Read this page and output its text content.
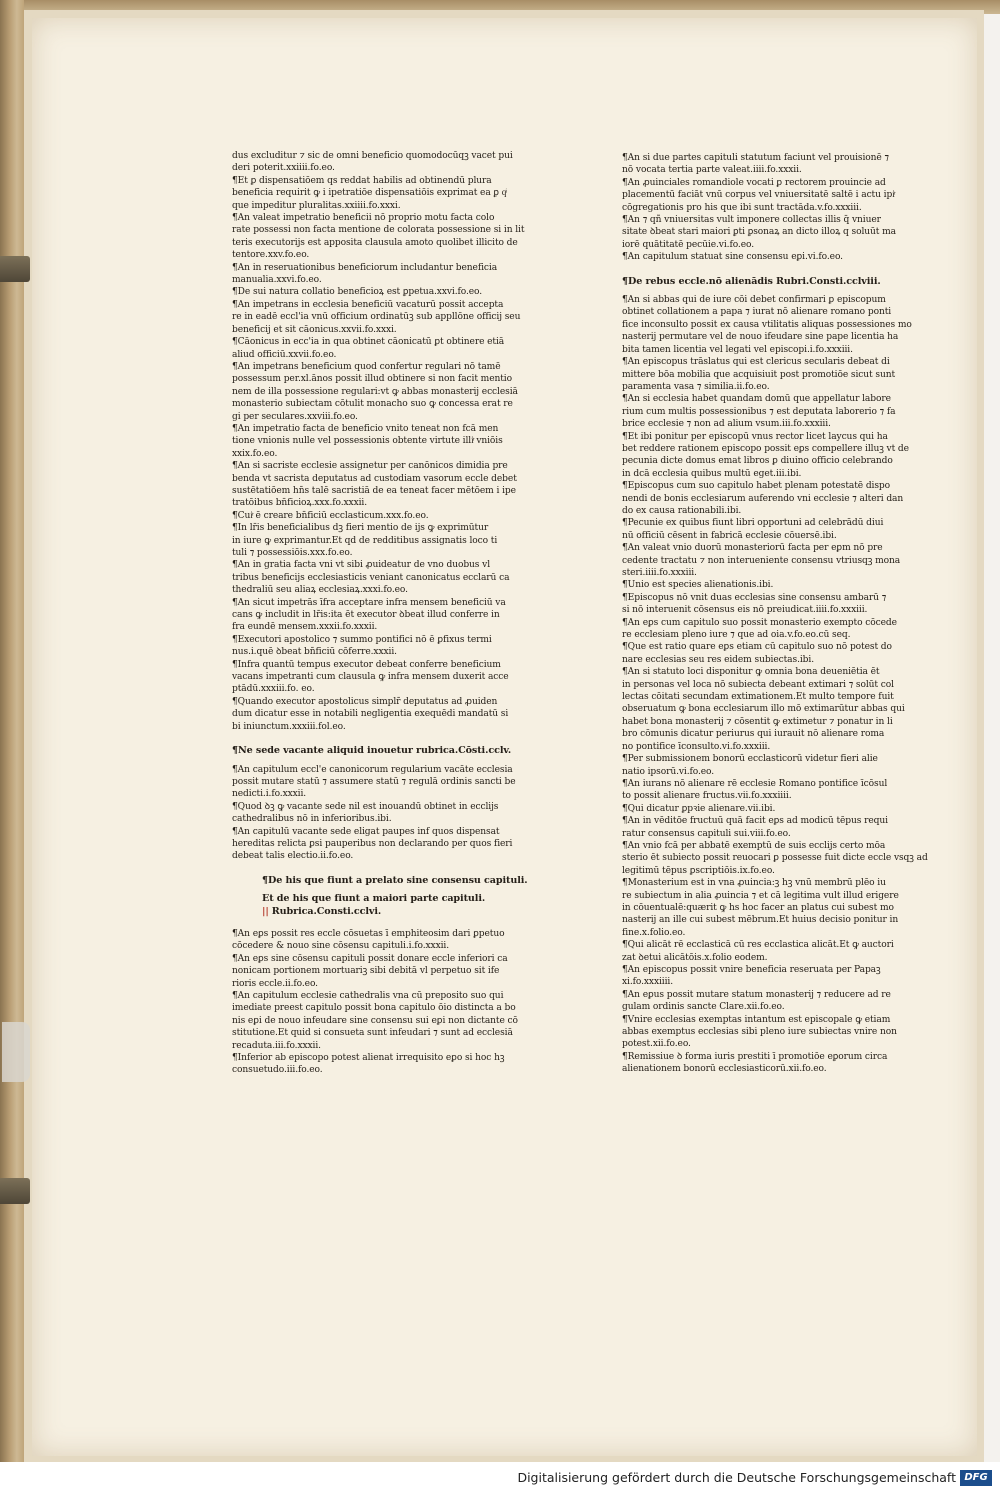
dus excluditur ⁊ sic de omni beneficio quomodocūqꝫ vacet pui
deri poterit.xxiiii.fo.eo.
¶Et ꝑ dispensatiōem qs reddat habilis ad obtinendū plura
beneficia requirit ꝙ i ipetratiōe dispensatiōis exprimat ea ꝑ qͥ
que impeditur pluralitas.xxiiii.fo.xxxi.
¶An valeat impetratio beneficii nō proprio motu facta colo
rate possessi non facta mentione de colorata possessione si in lit
teris executorijs est apposita clausula amoto quolibet illicito de
tentore.xxv.fo.eo.
¶An in reseruationibus beneficiorum includantur beneficia
manualia.xxvi.fo.eo.
¶De sui natura collatio beneficioꝝ est ꝑpetua.xxvi.fo.eo.
¶An impetrans in ecclesia beneficiū vacaturū possit accepta
re in eadē eccl'ia vnū officium ordinatūꝫ sub appllōne officij seu
beneficij et sit cāonicus.xxvii.fo.xxxi.
¶Cāonicus in ecc'ia in qua obtinet cāonicatū ꝑt obtinere etiā
aliud officiū.xxvii.fo.eo.
¶An impetrans beneficium quod confertur regulari nō tamē
possessum per.xl.ānos possit illud obtinere si non facit mentio
nem de illa possessione regulari:vt ꝙ abbas monasterij ecclesiā
monasterio subiectam cōtulit monacho suo ꝙ concessa erat re
gi per seculares.xxviii.fo.eo.
¶An impetratio facta de beneficio vnito teneat non fcā men
tione vnionis nulle vel possessionis obtente virtute illiͬ vniōis
xxix.fo.eo.
¶An si sacriste ecclesie assignetur per canōnicos dimidia pre
benda vt sacrista deputatus ad custodiam vasorum eccle debet
sustētatiōem hn̄s talē sacristiā de ea teneat facer mētōem i ipe
tratōibus bn̄ficioꝝ.xxx.fo.xxxii.
¶Cuiͬ ē creare bn̄ficiū ecclasticum.xxx.fo.eo.
¶In lr̄is beneficialibus dꝫ fieri mentio de ijs ꝙ exprimūtur
in iure ꝙ exprimantur.Et qd de redditibus assignatis loco ti
tuli ⁊ possessiōis.xxx.fo.eo.
¶An in gratia facta vni vt sibi ꝓuideatur de vno duobus vl
tribus beneficijs ecclesiasticis veniant canonicatus ecclarū ca
thedraliū seu aliaꝝ ecclesiaꝝ.xxxi.fo.eo.
¶An sicut impetrās īfra acceptare infra mensem beneficiū va
cans ꝙ includit in lr̄is:ita ēt executor ꝺbeat illud conferre in
fra eundē mensem.xxxii.fo.xxxii.
¶Executori apostolico ⁊ summo pontifici nō ē ꝑfixus termi
nus.i.quē ꝺbeat bn̄ficiū cōferre.xxxii.
¶Infra quantū tempus executor debeat conferre beneficium
vacans impetranti cum clausula ꝙ infra mensem duxerit acce
ptādū.xxxiii.fo. eo.
¶Quando executor apostolicus simplr̄ deputatus ad ꝓuiden
dum dicatur esse in notabili negligentia exequēdi mandatū si
bi iniunctum.xxxiii.fol.eo.
¶Ne sede vacante aliquid inouetur rubrica.Cōsti.cclv.
¶An capitulum eccl'e canonicorum regularium vacāte ecclesia
possit mutare statū ⁊ assumere statū ⁊ regulā ordinis sancti be
nedicti.i.fo.xxxii.
¶Quod ꝺꝫ ꝙ vacante sede nil est inouandū obtinet in ecclijs
cathedralibus nō in inferioribus.ibi.
¶An capitulū vacante sede eligat paupes inf quos dispensat
hereditas relicta ꝑsi pauperibus non declarando per quos fieri
debeat talis electio.ii.fo.eo.
¶De his que fiunt a prelato sine consensu capituli.
Et de his que fiunt a maiori parte capituli.
|| Rubrica.Consti.cclvi.
¶An eꝑs possit res eccle cōsuetas ī emphiteosim dari ꝑpetuo
cōcedere & nouo sine cōsensu capituli.i.fo.xxxii.
¶An eꝑs sine cōsensu capituli possit donare eccle inferiori ca
nonicam portionem mortuariꝫ sibi debitā vl perpetuo sit ife
rioris eccle.ii.fo.eo.
¶An capitulum ecclesie cathedralis vna cū preposito suo qui
imediate preest capitulo possit bona capitulo ōio distincta a bo
nis eꝑi de nouo infeudare sine consensu sui eꝑi non dictante cō
stitutione.Et quid si consueta sunt infeudari ⁊ sunt ad ecclesiā
recaduta.iii.fo.xxxii.
¶Inferior ab episcopo potest alienat irrequisito eꝑo si hoc hꝫ
consuetudo.iii.fo.eo.
¶An si due partes capituli statutum faciunt vel prouisionē ⁊
nō vocata tertia parte valeat.iiii.fo.xxxii.
¶An ꝓuinciales romandiole vocati ꝑ rectorem prouincie ad
placementū faciāt vnū corpus vel vniuersitatē saltē i actu ipiͬ
cōgregationis pro his que ibi sunt tractāda.v.fo.xxxiii.
¶An ⁊ qñ vniuersitas vult imponere collectas illis q̄ vniuer
sitate ꝺbeat stari maiori ꝑti ꝑsonaꝝ an dicto illoꝝ q soluūt ma
iorē quātitatē pecūie.vi.fo.eo.
¶An capitulum statuat sine consensu eꝑi.vi.fo.eo.
¶De rebus eccle.nō alienādis Rubri.Consti.cclviii.
¶An si abbas qui de iure cōi debet confirmari ꝑ episcopum
obtinet collationem a papa ⁊ iurat nō alienare romano ponti
fice inconsulto possit ex causa vtilitatis aliquas possessiones mo
nasterij permutare vel de nouo ifeudare sine pape licentia ha
bita tamen licentia vel legati vel episcopi.i.fo.xxxiii.
¶An episcopus trāslatus qui est clericus secularis debeat di
mittere bōa mobilia que acquisiuit post promotiōe sicut sunt
paramenta vasa ⁊ similia.ii.fo.eo.
¶An si ecclesia habet quandam domū que appellatur labore
rium cum multis possessionibus ⁊ est deputata laborerio ⁊ fa
brice ecclesie ⁊ non ad alium vsum.iii.fo.xxxiii.
¶Et ibi ponitur per episcopū vnus rector licet laycus qui ha
bet reddere rationem episcopo possit eꝑs compellere illuꝫ vt de
pecunia dicte domus emat libros ꝑ diuino officio celebrando
in dcā ecclesia quibus multū eget.iii.ibi.
¶Episcopus cum suo capitulo habet plenam potestatē dispo
nendi de bonis ecclesiarum auferendo vni ecclesie ⁊ alteri dan
do ex causa rationabili.ibi.
¶Pecunie ex quibus fiunt libri opportuni ad celebrādū diui
nū officiū cēsent in fabricā ecclesie cōuersē.ibi.
¶An valeat vnio duorū monasteriorū facta per eꝑm nō pre
cedente tractatu ⁊ non interueniente consensu vtriusqꝫ mona
steri.iiii.fo.xxxiii.
¶Unio est species alienationis.ibi.
¶Episcopus nō vnit duas ecclesias sine consensu ambarū ⁊
si nō interuenit cōsensus eis nō preiudicat.iiii.fo.xxxiii.
¶An eꝑs cum capitulo suo possit monasterio exempto cōcede
re ecclesiam pleno iure ⁊ que ad oia.v.fo.eo.cū seq.
¶Que est ratio quare eꝑs etiam cū capitulo suo nō potest do
nare ecclesias seu res eidem subiectas.ibi.
¶An si statuto loci disponitur ꝙ omnia bona deueniētia ēt
in personas vel loca nō subiecta debeant extimari ⁊ solūt col
lectas cōitati secundam extimationem.Et multo tempore fuit
obseruatum ꝙ bona ecclesiarum illo mō extimarūtur abbas qui
habet bona monasterij ⁊ cōsentit ꝙ extimetur ⁊ ponatur in li
bro cōmunis dicatur periurus qui iurauit nō alienare roma
no pontifice īconsulto.vi.fo.xxxiii.
¶Per submissionem bonorū ecclasticorū videtur fieri alie
natio ipsorū.vi.fo.eo.
¶An iurans nō alienare rē ecclesie Romano pontifice īcōsul
to possit alienare fructus.vii.fo.xxxiiii.
¶Qui dicatur ꝑpꝛie alienare.vii.ibi.
¶An in vēditōe fructuū quā facit eꝑs ad modicū tēpus requi
ratur consensus capituli sui.viii.fo.eo.
¶An vnio fcā per abbatē exemptū de suis ecclijs certo mōa
sterio ēt subiecto possit reuocari ꝑ possesse fuit dicte eccle vsqꝫ ad
legitimū tēpus ꝑscriptiōis.ix.fo.eo.
¶Monasterium est in vna ꝓuincia:ꝫ hꝫ vnū membrū plēo iu
re subiectum in alia ꝓuincia ⁊ et cā legitima vult illud erigere
in cōuentualē:quærit ꝙ hs hoc facer an platus cui subest mo
nasterij an ille cui subest mēbrum.Et huius decisio ponitur in
fine.x.folio.eo.
¶Qui alicāt rē ecclasticā cū res ecclastica alicāt.Et ꝙ auctori
zat ꝺetui alicātōis.x.folio eodem.
¶An episcopus possit vnire beneficia reseruata per Papaꝫ
xi.fo.xxxiiii.
¶An eꝑus possit mutare statum monasterij ⁊ reducere ad re
gulam ordinis sancte Clare.xii.fo.eo.
¶Vnire ecclesias exemptas intantum est episcopale ꝙ etiam
abbas exemptus ecclesias sibi pleno iure subiectas vnire non
potest.xii.fo.eo.
¶Remissiue ꝺ forma iuris prestiti ī promotiōe eꝑorum circa
alienationem bonorū ecclesiasticorū.xii.fo.eo.
Digitalisierung gefördert durch die Deutsche Forschungsgemeinschaft DFG
